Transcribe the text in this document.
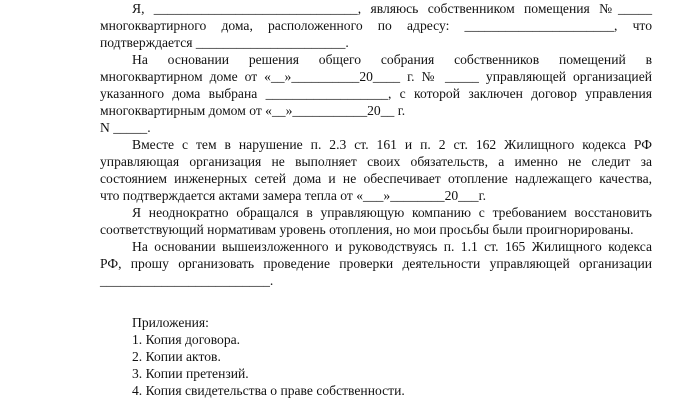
Я, ______________________________, являюсь собственником помещения №_____
многоквартирного дома, расположенного по адресу: ______________________, что
подтверждается ______________________.
На основании решения общего собрания собственников помещений в
многоквартирном доме от «__»__________20____ г. № _____ управляющей организацией
указанного дома выбрана __________________, с которой заключен договор управления
многоквартирным домом от «__»___________20__ г.
N _____.
Вместе с тем в нарушение п. 2.3 ст. 161 и п. 2 ст. 162 Жилищного кодекса РФ
управляющая организация не выполняет своих обязательств, а именно не следит за
состоянием инженерных сетей дома и не обеспечивает отопление надлежащего качества,
что подтверждается актами замера тепла от «___»________20___г.
Я неоднократно обращался в управляющую компанию с требованием восстановить
соответствующий нормативам уровень отопления, но мои просьбы были проигнорированы.
На основании вышеизложенного и руководствуясь п. 1.1 ст. 165 Жилищного кодекса
РФ, прошу организовать проведение проверки деятельности управляющей организации
_________________________.
Приложения:
1. Копия договора.
2. Копии актов.
3. Копии претензий.
4. Копия свидетельства о праве собственности.
